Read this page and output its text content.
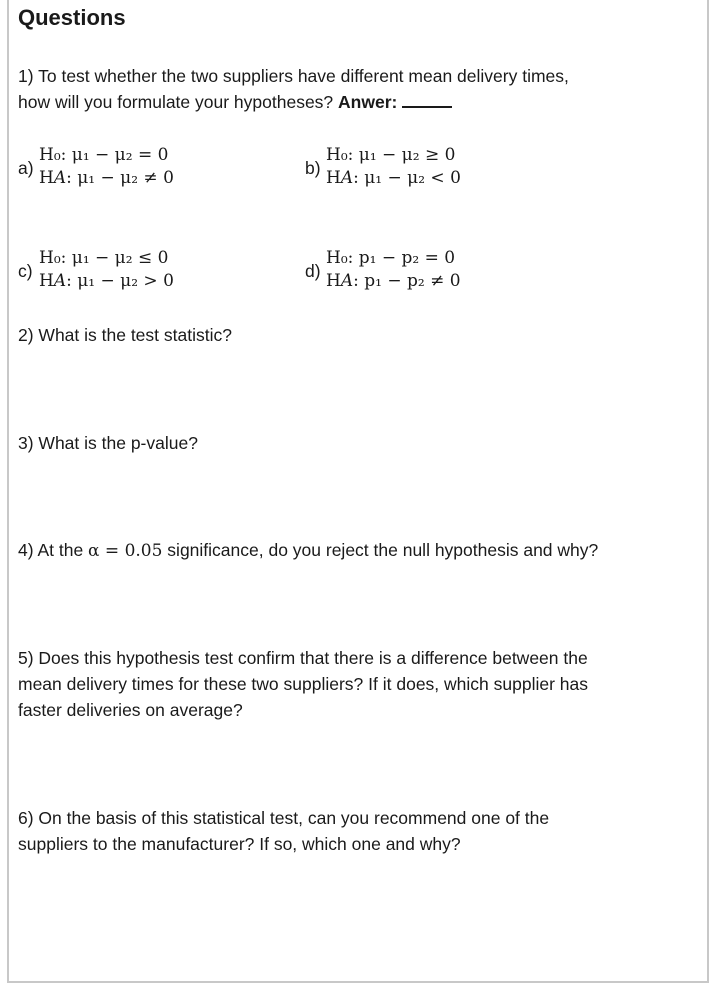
Questions
1) To test whether the two suppliers have different mean delivery times,
how will you formulate your hypotheses? Anwer:
a)
H₀: μ₁ − μ₂ = 0
H𝐴: μ₁ − μ₂ ≠ 0	b)
H₀: μ₁ − μ₂ ≥ 0
H𝐴: μ₁ − μ₂ < 0
c)
H₀: μ₁ − μ₂ ≤ 0
H𝐴: μ₁ − μ₂ > 0	d)
H₀: p₁ − p₂ = 0
H𝐴: p₁ − p₂ ≠ 0
2) What is the test statistic?
3) What is the p-value?
4) At the α = 0.05 significance, do you reject the null hypothesis and why?
5) Does this hypothesis test confirm that there is a difference between the
mean delivery times for these two suppliers? If it does, which supplier has
faster deliveries on average?
6) On the basis of this statistical test, can you recommend one of the
suppliers to the manufacturer? If so, which one and why?
